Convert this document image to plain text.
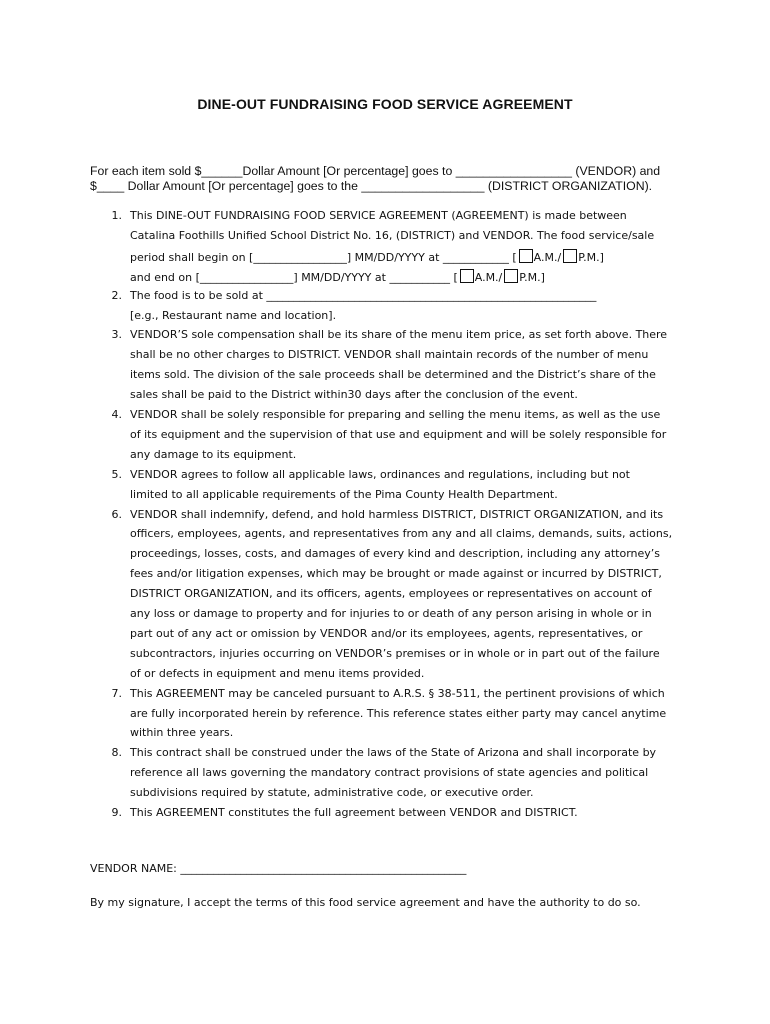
DINE-OUT FUNDRAISING FOOD SERVICE AGREEMENT
For each item sold $______Dollar Amount [Or percentage] goes to _________________ (VENDOR) and
$____ Dollar Amount [Or percentage] goes to the __________________ (DISTRICT ORGANIZATION).
1. This DINE-OUT FUNDRAISING FOOD SERVICE AGREEMENT (AGREEMENT) is made between
Catalina Foothills Unified School District No. 16, (DISTRICT) and VENDOR. The food service/sale
period shall begin on [_________________] MM/DD/YYYY at ____________ [ A.M./ P.M.]
and end on [_________________] MM/DD/YYYY at ___________ [ A.M./ P.M.]
2. The food is to be sold at ____________________________________________________________
[e.g., Restaurant name and location].
3. VENDOR’S sole compensation shall be its share of the menu item price, as set forth above. There
shall be no other charges to DISTRICT. VENDOR shall maintain records of the number of menu
items sold. The division of the sale proceeds shall be determined and the District’s share of the
sales shall be paid to the District within30 days after the conclusion of the event.
4. VENDOR shall be solely responsible for preparing and selling the menu items, as well as the use
of its equipment and the supervision of that use and equipment and will be solely responsible for
any damage to its equipment.
5. VENDOR agrees to follow all applicable laws, ordinances and regulations, including but not
limited to all applicable requirements of the Pima County Health Department.
6. VENDOR shall indemnify, defend, and hold harmless DISTRICT, DISTRICT ORGANIZATION, and its
officers, employees, agents, and representatives from any and all claims, demands, suits, actions,
proceedings, losses, costs, and damages of every kind and description, including any attorney’s
fees and/or litigation expenses, which may be brought or made against or incurred by DISTRICT,
DISTRICT ORGANIZATION, and its officers, agents, employees or representatives on account of
any loss or damage to property and for injuries to or death of any person arising in whole or in
part out of any act or omission by VENDOR and/or its employees, agents, representatives, or
subcontractors, injuries occurring on VENDOR’s premises or in whole or in part out of the failure
of or defects in equipment and menu items provided.
7. This AGREEMENT may be canceled pursuant to A.R.S. § 38-511, the pertinent provisions of which
are fully incorporated herein by reference. This reference states either party may cancel anytime
within three years.
8. This contract shall be construed under the laws of the State of Arizona and shall incorporate by
reference all laws governing the mandatory contract provisions of state agencies and political
subdivisions required by statute, administrative code, or executive order.
9. This AGREEMENT constitutes the full agreement between VENDOR and DISTRICT.
VENDOR NAME: ____________________________________________________
By my signature, I accept the terms of this food service agreement and have the authority to do so.
